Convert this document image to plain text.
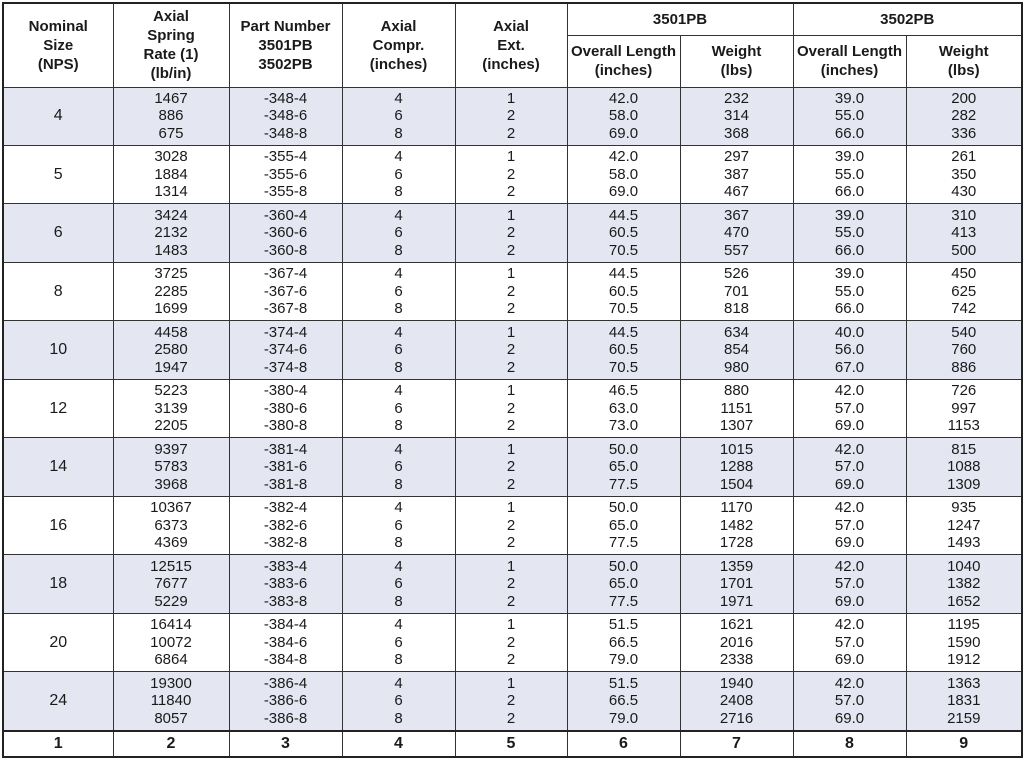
Nominal
Size
(NPS)	Axial
Spring
Rate (1)
(lb/in)	Part Number
3501PB
3502PB	Axial
Compr.
(inches)	Axial
Ext.
(inches)	3501PB		3502PB	
					Overall Length
(inches)	Weight
(lbs)	Overall Length
(inches)	Weight
(lbs)
4	1467
886
675	-348-4
-348-6
-348-8	4
6
8	1
2
2	42.0
58.0
69.0	232
314
368	39.0
55.0
66.0	200
282
336

5	3028
1884
1314	-355-4
-355-6
-355-8	4
6
8	1
2
2	42.0
58.0
69.0	297
387
467	39.0
55.0
66.0	261
350
430

6	3424
2132
1483	-360-4
-360-6
-360-8	4
6
8	1
2
2	44.5
60.5
70.5	367
470
557	39.0
55.0
66.0	310
413
500

8	3725
2285
1699	-367-4
-367-6
-367-8	4
6
8	1
2
2	44.5
60.5
70.5	526
701
818	39.0
55.0
66.0	450
625
742

10	4458
2580
1947	-374-4
-374-6
-374-8	4
6
8	1
2
2	44.5
60.5
70.5	634
854
980	40.0
56.0
67.0	540
760
886

12	5223
3139
2205	-380-4
-380-6
-380-8	4
6
8	1
2
2	46.5
63.0
73.0	880
1151
1307	42.0
57.0
69.0	726
997
1153

14	9397
5783
3968	-381-4
-381-6
-381-8	4
6
8	1
2
2	50.0
65.0
77.5	1015
1288
1504	42.0
57.0
69.0	815
1088
1309

16	10367
6373
4369	-382-4
-382-6
-382-8	4
6
8	1
2
2	50.0
65.0
77.5	1170
1482
1728	42.0
57.0
69.0	935
1247
1493

18	12515
7677
5229	-383-4
-383-6
-383-8	4
6
8	1
2
2	50.0
65.0
77.5	1359
1701
1971	42.0
57.0
69.0	1040
1382
1652

20	16414
10072
6864	-384-4
-384-6
-384-8	4
6
8	1
2
2	51.5
66.5
79.0	1621
2016
2338	42.0
57.0
69.0	1195
1590
1912

24	19300
11840
8057	-386-4
-386-6
-386-8	4
6
8	1
2
2	51.5
66.5
79.0	1940
2408
2716	42.0
57.0
69.0	1363
1831
2159

1	2	3	4	5	6	7	8	9
